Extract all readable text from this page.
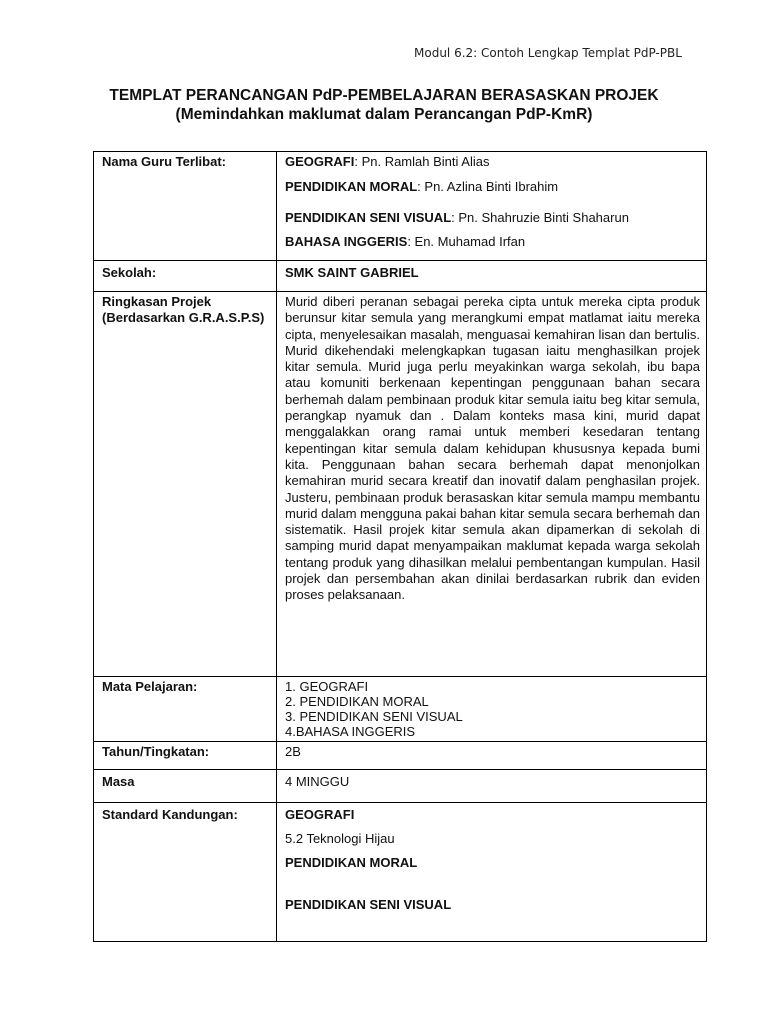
Modul 6.2: Contoh Lengkap Templat PdP-PBL
TEMPLAT PERANCANGAN PdP-PEMBELAJARAN BERASASKAN PROJEK
(Memindahkan maklumat dalam Perancangan PdP-KmR)
Nama Guru Terlibat:	GEOGRAFI: Pn. Ramlah Binti Alias
PENDIDIKAN MORAL: Pn. Azlina Binti Ibrahim
PENDIDIKAN SENI VISUAL: Pn. Shahruzie Binti Shaharun
BAHASA INGGERIS: En. Muhamad Irfan

Sekolah:	SMK SAINT GABRIEL
Ringkasan Projek (Berdasarkan G.R.A.S.P.S)	Murid diberi peranan sebagai pereka cipta untuk mereka cipta produk berunsur kitar semula yang merangkumi empat matlamat iaitu mereka cipta, menyelesaikan masalah, menguasai kemahiran lisan dan bertulis. Murid dikehendaki melengkapkan tugasan iaitu menghasilkan projek kitar semula. Murid juga perlu meyakinkan warga sekolah, ibu bapa atau komuniti berkenaan kepentingan penggunaan bahan secara berhemah dalam pembinaan produk kitar semula iaitu beg kitar semula, perangkap nyamuk dan . Dalam konteks masa kini, murid dapat menggalakkan orang ramai untuk memberi kesedaran tentang kepentingan kitar semula dalam kehidupan khususnya kepada bumi kita. Penggunaan bahan secara berhemah dapat menonjolkan kemahiran murid secara kreatif dan inovatif dalam penghasilan projek. Justeru, pembinaan produk berasaskan kitar semula mampu membantu murid dalam mengguna pakai bahan kitar semula secara berhemah dan sistematik. Hasil projek kitar semula akan dipamerkan di sekolah di samping murid dapat menyampaikan maklumat kepada warga sekolah tentang produk yang dihasilkan melalui pembentangan kumpulan. Hasil projek dan persembahan akan dinilai berdasarkan rubrik dan eviden proses pelaksanaan.
Mata Pelajaran:	1. GEOGRAFI
2. PENDIDIKAN MORAL
3. PENDIDIKAN SENI VISUAL
4.BAHASA INGGERIS

Tahun/Tingkatan:	2B
Masa	4 MINGGU
Standard Kandungan:	GEOGRAFI
5.2 Teknologi Hijau
PENDIDIKAN MORAL
PENDIDIKAN SENI VISUAL
